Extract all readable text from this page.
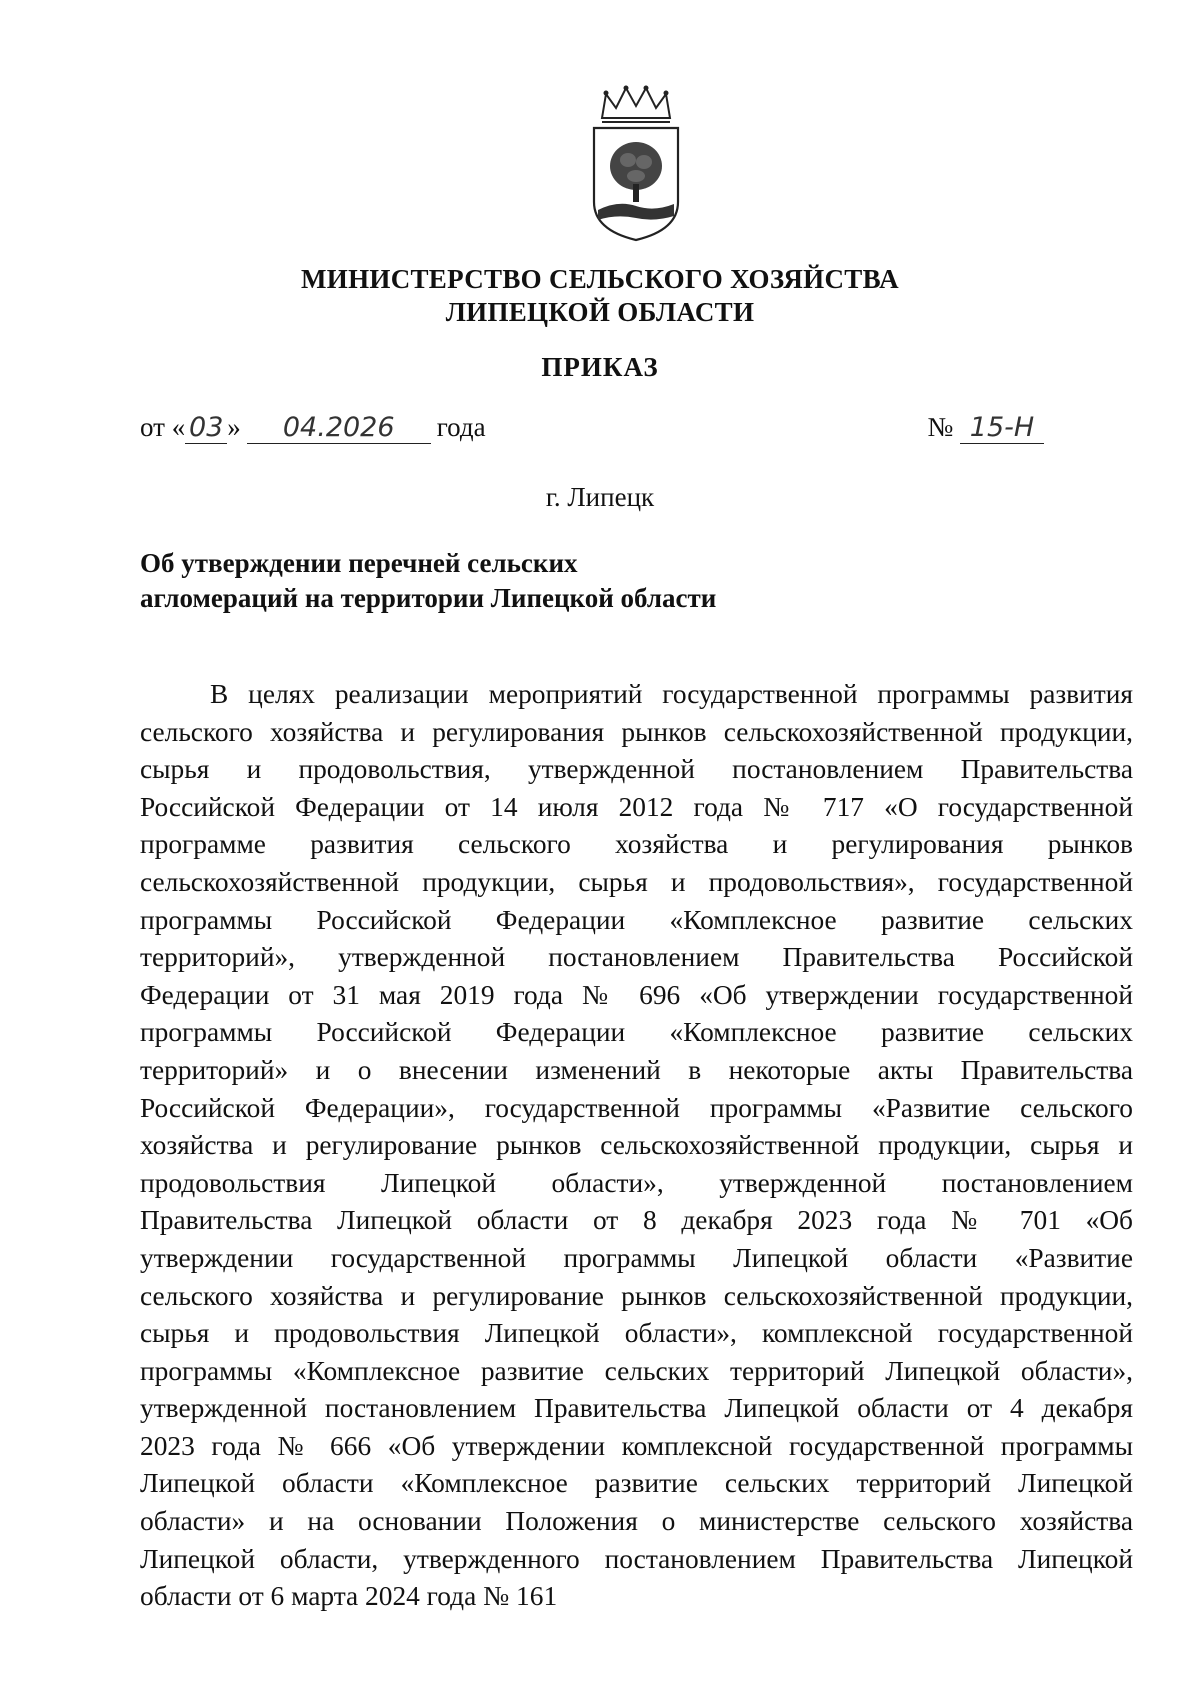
МИНИСТЕРСТВО СЕЛЬСКОГО ХОЗЯЙСТВА
ЛИПЕЦКОЙ ОБЛАСТИ
ПРИКАЗ
от « 03 » 04.2026 года	№ 15-Н
г. Липецк
Об утверждении перечней сельских
агломераций на территории Липецкой области
В целях реализации мероприятий государственной программы развития
сельского хозяйства и регулирования рынков сельскохозяйственной продукции,
сырья и продовольствия, утвержденной постановлением Правительства
Российской Федерации от 14 июля 2012 года № 717 «О государственной
программе развития сельского хозяйства и регулирования рынков
сельскохозяйственной продукции, сырья и продовольствия», государственной
программы Российской Федерации «Комплексное развитие сельских
территорий», утвержденной постановлением Правительства Российской
Федерации от 31 мая 2019 года № 696 «Об утверждении государственной
программы Российской Федерации «Комплексное развитие сельских
территорий» и о внесении изменений в некоторые акты Правительства
Российской Федерации», государственной программы «Развитие сельского
хозяйства и регулирование рынков сельскохозяйственной продукции, сырья и
продовольствия Липецкой области», утвержденной постановлением
Правительства Липецкой области от 8 декабря 2023 года № 701 «Об
утверждении государственной программы Липецкой области «Развитие
сельского хозяйства и регулирование рынков сельскохозяйственной продукции,
сырья и продовольствия Липецкой области», комплексной государственной
программы «Комплексное развитие сельских территорий Липецкой области»,
утвержденной постановлением Правительства Липецкой области от 4 декабря
2023 года № 666 «Об утверждении комплексной государственной программы
Липецкой области «Комплексное развитие сельских территорий Липецкой
области» и на основании Положения о министерстве сельского хозяйства
Липецкой области, утвержденного постановлением Правительства Липецкой
области от 6 марта 2024 года № 161
